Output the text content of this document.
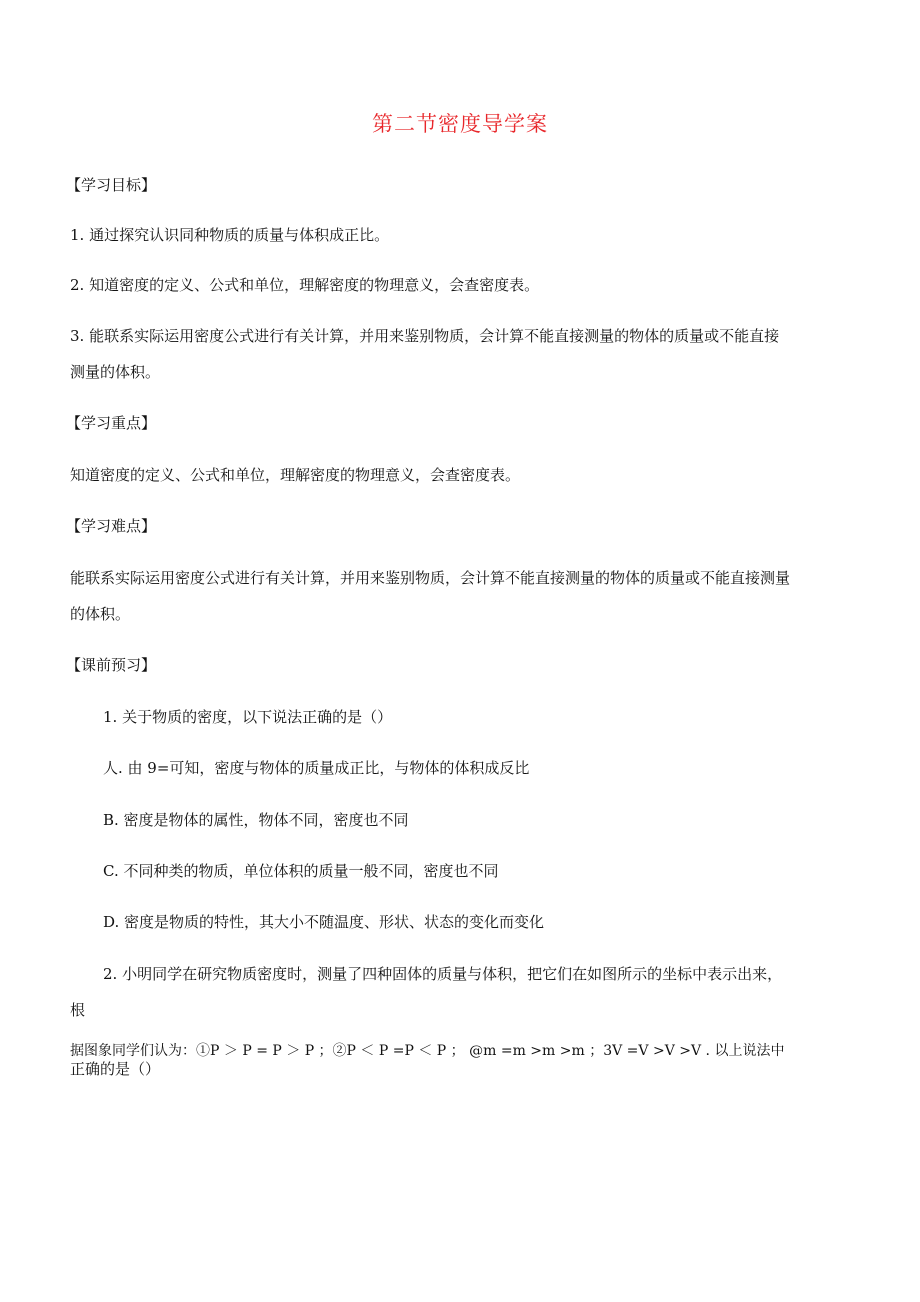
第二节密度导学案
【学习目标】
1. 通过探究认识同种物质的质量与体积成正比。
2. 知道密度的定义、公式和单位，理解密度的物理意义，会查密度表。
3. 能联系实际运用密度公式进行有关计算，并用来鉴别物质，会计算不能直接测量的物体的质量或不能直接
测量的体积。
【学习重点】
知道密度的定义、公式和单位，理解密度的物理意义，会查密度表。
【学习难点】
能联系实际运用密度公式进行有关计算，并用来鉴别物质，会计算不能直接测量的物体的质量或不能直接测量
的体积。
【课前预习】
1. 关于物质的密度，以下说法正确的是（）
人. 由 9=可知，密度与物体的质量成正比，与物体的体积成反比
B. 密度是物体的属性，物体不同，密度也不同
C. 不同种类的物质，单位体积的质量一般不同，密度也不同
D. 密度是物质的特性，其大小不随温度、形状、状态的变化而变化
2. 小明同学在研究物质密度时，测量了四种固体的质量与体积，把它们在如图所示的坐标中表示出来，
根
据图象同学们认为：①P ＞ P = P ＞ P ；②P ＜ P =P ＜ P ； @m =m >m >m ；3V =V >V >V . 以上说法中
正确的是（）
